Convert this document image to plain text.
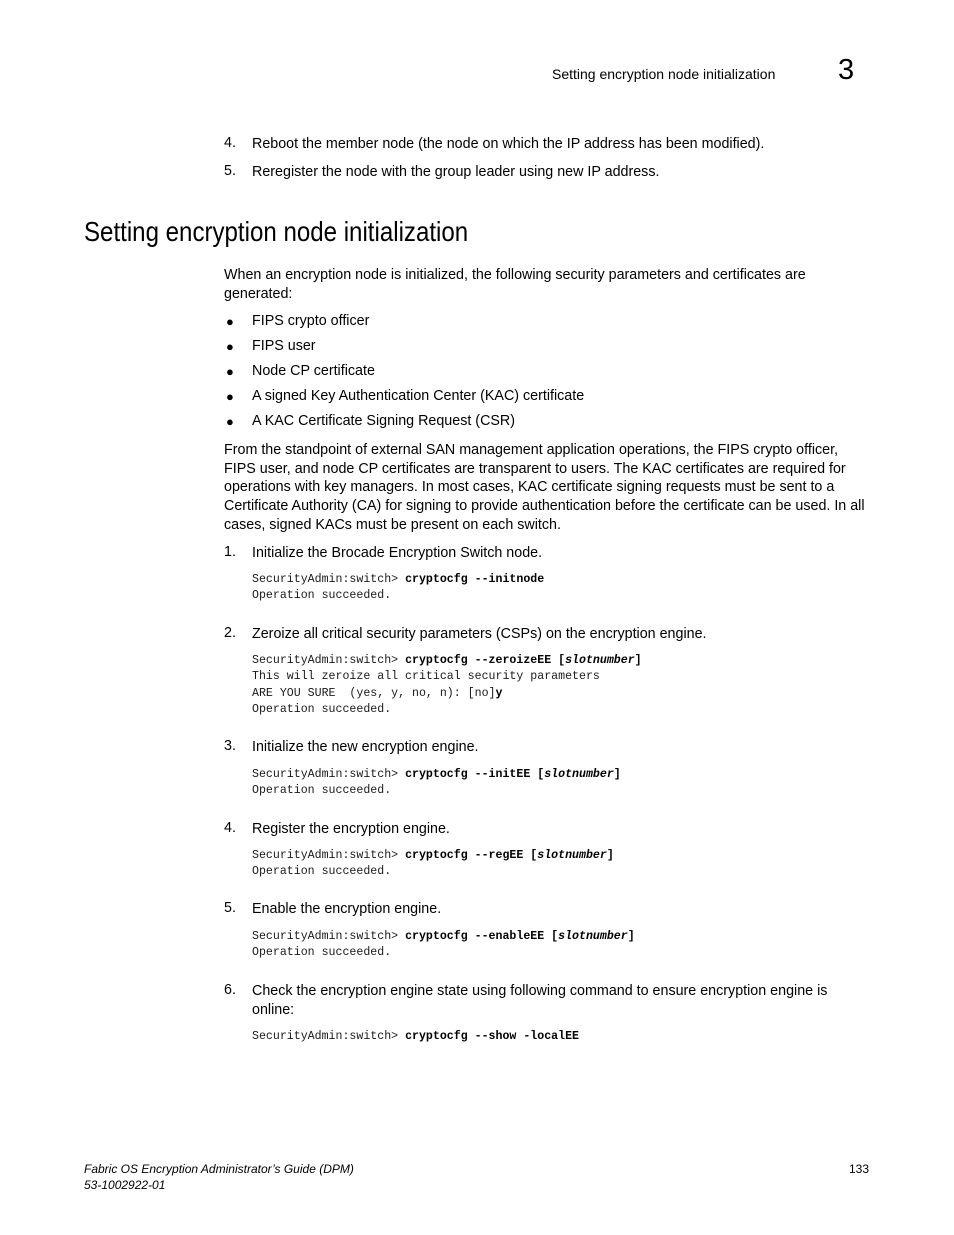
Setting encryption node initialization 3
4. Reboot the member node (the node on which the IP address has been modified).
5. Reregister the node with the group leader using new IP address.
Setting encryption node initialization
When an encryption node is initialized, the following security parameters and certificates are generated:
● FIPS crypto officer
● FIPS user
● Node CP certificate
● A signed Key Authentication Center (KAC) certificate
● A KAC Certificate Signing Request (CSR)
From the standpoint of external SAN management application operations, the FIPS crypto officer, FIPS user, and node CP certificates are transparent to users. The KAC certificates are required for operations with key managers. In most cases, KAC certificate signing requests must be sent to a Certificate Authority (CA) for signing to provide authentication before the certificate can be used. In all cases, signed KACs must be present on each switch.
1. Initialize the Brocade Encryption Switch node.
SecurityAdmin:switch> cryptocfg --initnode
Operation succeeded.
2. Zeroize all critical security parameters (CSPs) on the encryption engine.
SecurityAdmin:switch> cryptocfg --zeroizeEE [slotnumber]
This will zeroize all critical security parameters
ARE YOU SURE  (yes, y, no, n): [no]y
Operation succeeded.
3. Initialize the new encryption engine.
SecurityAdmin:switch> cryptocfg --initEE [slotnumber]
Operation succeeded.
4. Register the encryption engine.
SecurityAdmin:switch> cryptocfg --regEE [slotnumber]
Operation succeeded.
5. Enable the encryption engine.
SecurityAdmin:switch> cryptocfg --enableEE [slotnumber]
Operation succeeded.
6. Check the encryption engine state using following command to ensure encryption engine is online:
SecurityAdmin:switch> cryptocfg --show -localEE
Fabric OS Encryption Administrator’s Guide (DPM)
53-1002922-01
133
